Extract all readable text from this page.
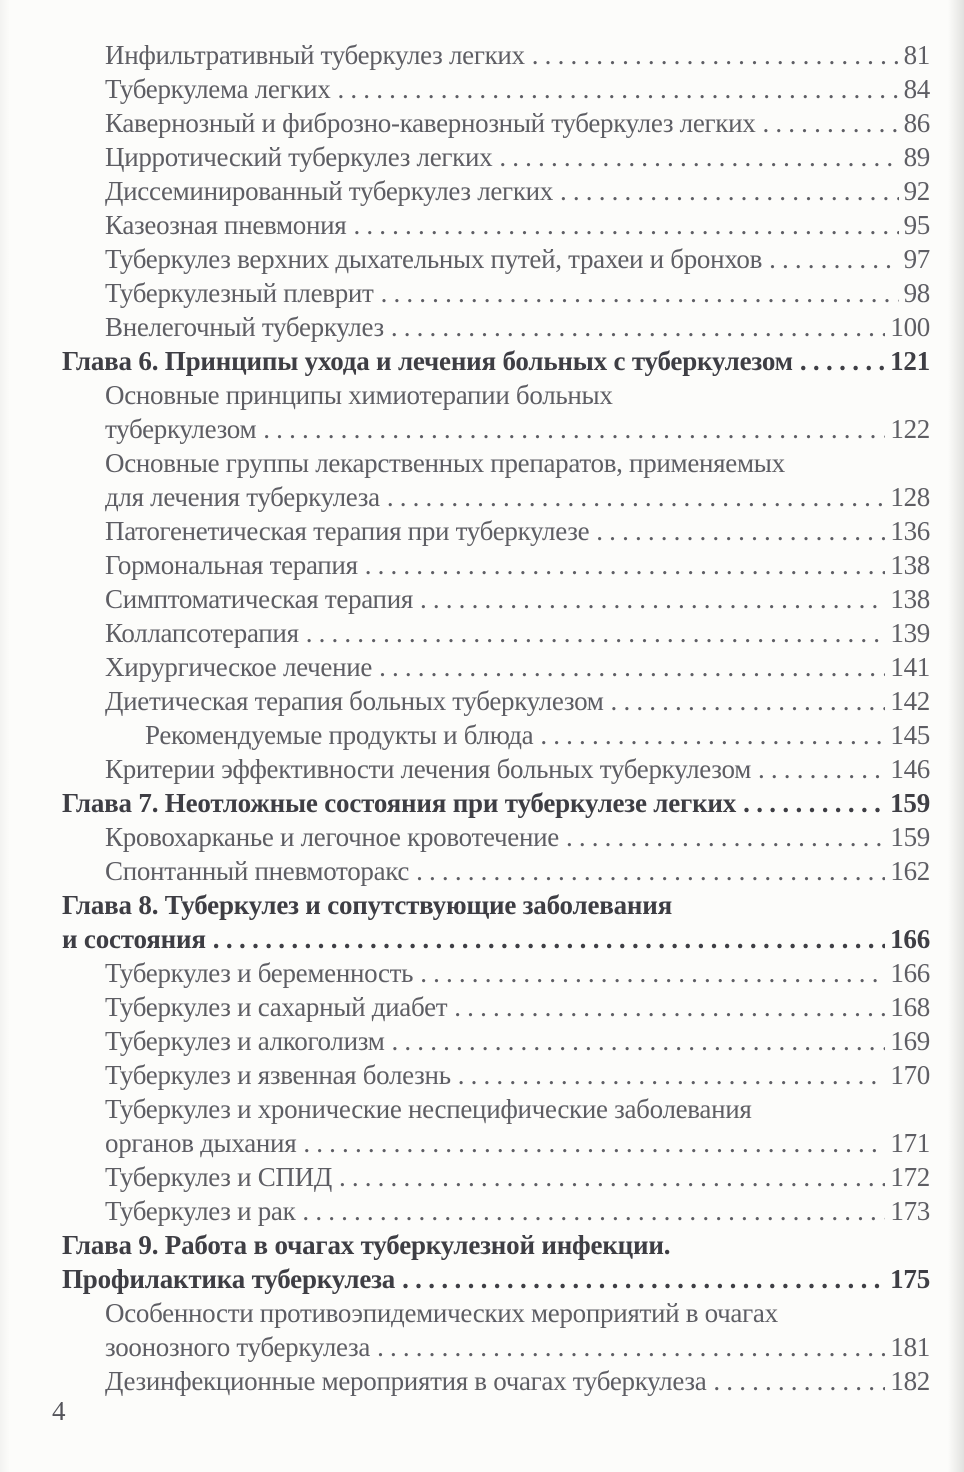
Инфильтративный туберкулез легких . . .	81
Туберкулема легких . . .	84
Кавернозный и фиброзно-кавернозный туберкулез легких . . .	86
Цирротический туберкулез легких . . .	89
Диссеминированный туберкулез легких . . .	92
Казеозная пневмония . . .	95
Туберкулез верхних дыхательных путей, трахеи и бронхов . . .	97
Туберкулезный плеврит . . .	98
Внелегочный туберкулез . . .	100
Глава 6. Принципы ухода и лечения больных с туберкулезом . . .	121
Основные принципы химиотерапии больных
туберкулезом . . .	122
Основные группы лекарственных препаратов, применяемых
для лечения туберкулеза . . .	128
Патогенетическая терапия при туберкулезе . . .	136
Гормональная терапия . . .	138
Симптоматическая терапия . . .	138
Коллапсотерапия . . .	139
Хирургическое лечение . . .	141
Диетическая терапия больных туберкулезом . . .	142
Рекомендуемые продукты и блюда . . .	145
Критерии эффективности лечения больных туберкулезом . . .	146
Глава 7. Неотложные состояния при туберкулезе легких . . .	159
Кровохарканье и легочное кровотечение . . .	159
Спонтанный пневмоторакс . . .	162
Глава 8. Туберкулез и сопутствующие заболевания
и состояния . . .	166
Туберкулез и беременность . . .	166
Туберкулез и сахарный диабет . . .	168
Туберкулез и алкоголизм . . .	169
Туберкулез и язвенная болезнь . . .	170
Туберкулез и хронические неспецифические заболевания
органов дыхания . . .	171
Туберкулез и СПИД . . .	172
Туберкулез и рак . . .	173
Глава 9. Работа в очагах туберкулезной инфекции.
Профилактика туберкулеза . . .	175
Особенности противоэпидемических мероприятий в очагах
зоонозного туберкулеза . . .	181
Дезинфекционные мероприятия в очагах туберкулеза . . .	182
4
